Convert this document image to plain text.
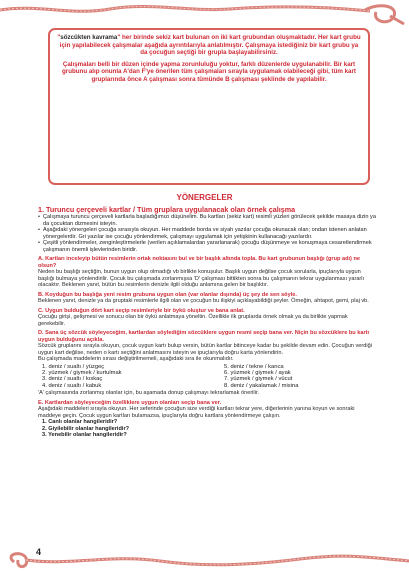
"sözcükten kavrama" her birinde sekiz kart bulunan on iki kart grubundan oluşmaktadır. Her kart grubu için yapılabilecek çalışmalar aşağıda ayrıntılarıyla anlatılmıştır. Çalışmaya istediğiniz bir kart grubu ya da çocuğun seçtiği bir grupla başlayabilirsiniz.

Çalışmaları belli bir düzen içinde yapma zorunluluğu yoktur, farklı düzenlerde uygulanabilir. Bir kart grubunu alıp onunla A'dan F'ye önerilen tüm çalışmaları sırayla uygulamak olabileceği gibi, tüm kart gruplarında önce A çalışması sonra tümünde B çalışması şeklinde de yapılabilir.

YÖNERGELER

1. Turuncu çerçeveli kartlar / Tüm gruplara uygulanacak olan örnek çalışma

• Çalışmaya turuncu çerçeveli kartlarla başladığımızı düşünelim. Bu kartları (sekiz kart) resimli yüzleri görülecek şekilde masaya dizin ya da çocuktan dizmesini isteyin.
• Aşağıdaki yönergeleri çocuğa sırasıyla okuyun. Her maddede borda ve siyah yazılar çocuğa okunacak olan; ondan istenen anlatan yönergelerdir. Gri yazılar ise çocuğu yönlendirmek, çalışmayı uygulamak için yetişkinin kullanacağı yazılardır.
• Çeşitli yönlendirmeler, zenginleştirmelerle (verilen açıklamalardan yararlanarak) çocuğu düşünmeye ve konuşmaya cesaretlendirmek çalışmanın önemli işlevlerinden biridir.

A. Kartları inceleyip bütün resimlerin ortak noktasını bul ve bir başlık altında topla. Bu kart grubunun başlığı (grup adı) ne olsun?

Neden bu başlığı seçtiğin, bunun uygun olup olmadığı vb birlikte konuşulur. Başlık uygun değilse çocuk sorularla, ipuçlarıyla uygun başlığı bulmaya yönlendirilir. Çocuk bu çalışmada zorlanmışsa 'D' çalışması bittikten sonra bu çalışmanın tekrar uygulanması yararlı olacaktır. Beklenen yanıt, bütün bu resimlerin denizle ilgili olduğu anlamına gelen bir başlıktır.

B. Koyduğun bu başlığa yeni resim grubuna uygun olan (var olanlar dışında) üç şey de sen söyle.

Beklenen yanıt, denizle ya da gruptaki resimlerle ilgili olan ve çocuğun bu ilişkiyi açıklayabildiği şeyler. Örneğin, ahtapot, gemi, plaj vb.

C. Uygun bulduğun dört kart seçip resimleriyle bir öykü oluştur ve bana anlat.

Çocuğu girişi, gelişmesi ve sonucu olan bir öykü anlatmaya yöneltin. Özellikle ilk gruplarda örnek olmak ya da birlikte yapmak gerekebilir.

D. Sana üç sözcük söyleyeceğim, kartlardan söylediğim sözcüklere uygun resmi seçip bana ver. Niçin bu sözcüklere bu kartı uygun bulduğunu açıkla.

Sözcük gruplarını sırayla okuyun, çocuk uygun kartı bulup versin, bütün kartlar bitinceye kadar bu şekilde devam edin. Çocuğun verdiği uygun kart değilse, neden o kartı seçtiğini anlatmasını isteyin ve ipuçlarıyla doğru karta yönlendirin.

Bu çalışmada maddelerin sırası değiştirilmemeli, aşağıdaki sıra ile okunmalıdır.

1. deniz / sualtı / yüzgeç	5. deniz / tekne / kanca
2. yüzmek / giymek / kurtulmak	6. yüzmek / giymek / ayak
3. deniz / sualtı / kıskaç	7. yüzmek / giymek / vücut
4. deniz / sualtı / kabuk	8. deniz / yakalamak / misina

'A' çalışmasında zorlanmış olanlar için, bu aşamada donup çalışmayı tekrarlamak önerilir.

E. Kartlardan söyleyeceğim özelliklere uygun olanları seçip bana ver.

Aşağıdaki maddeleri sırayla okuyun. Her seferinde çocuğun size verdiği kartları tekrar yere, diğerlerinin yanına koyun ve sonraki maddeye geçin. Çocuk uygun kartları bulamazsa, ipuçlarıyla doğru kartlara yönlendirmeye çalışın.

1. Canlı olanlar hangileridir?

2. Giyilebilir olanlar hangileridir?

3. Yenebilir olanlar hangileridir?

4
